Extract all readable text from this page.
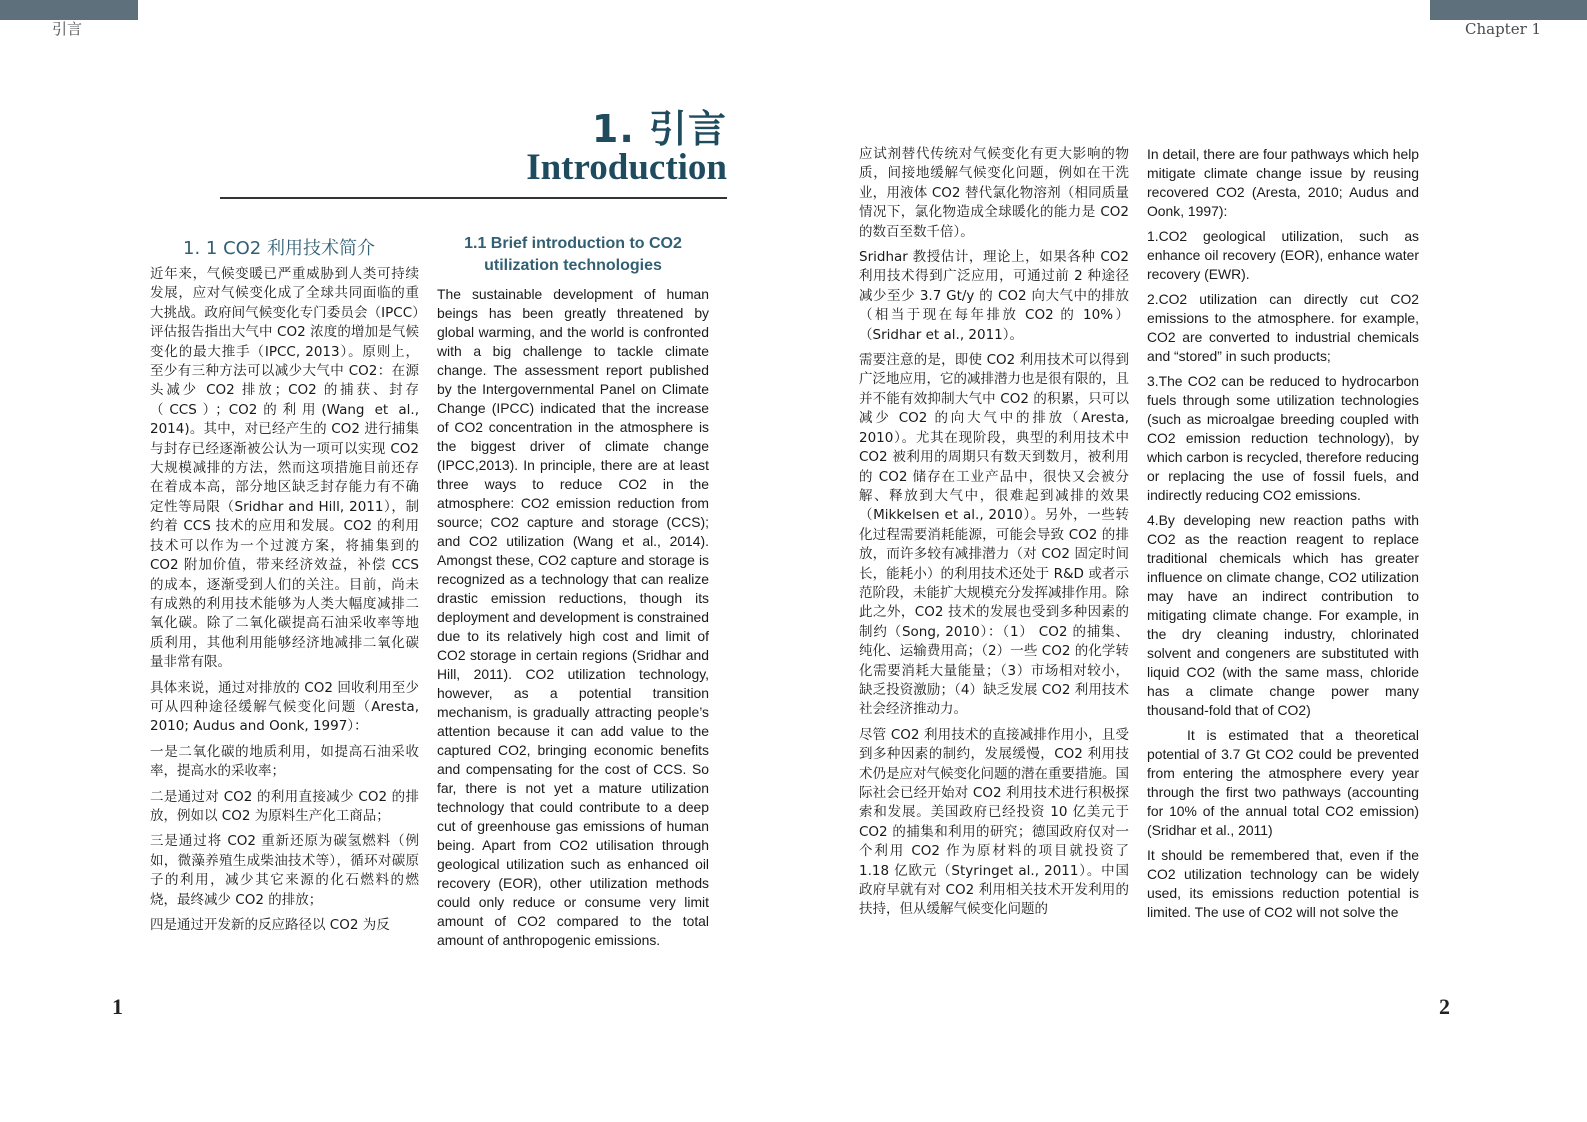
引言	Chapter 1
1. 引言
Introduction
1. 1 CO2 利用技术简介	1.1 Brief introduction to CO2 utilization technologies

近年来，气候变暖已严重威胁到人类可持续发展，应对气候变化成了全球共同面临的重大挑战。政府间气候变化专门委员会（IPCC）评估报告指出大气中 CO2 浓度的增加是气候变化的最大推手（IPCC, 2013）。原则上，至少有三种方法可以减少大气中 CO2：在源头减少 CO2 排放；CO2 的捕获、封存（CCS）；CO2的利用(Wang et al., 2014)。其中，对已经产生的 CO2 进行捕集与封存已经逐渐被公认为一项可以实现 CO2 大规模减排的方法，然而这项措施目前还存在着成本高，部分地区缺乏封存能力有不确定性等局限（Sridhar and Hill, 2011），制约着 CCS 技术的应用和发展。CO2 的利用技术可以作为一个过渡方案，将捕集到的 CO2 附加价值，带来经济效益，补偿 CCS 的成本，逐渐受到人们的关注。目前，尚未有成熟的利用技术能够为人类大幅度减排二氧化碳。除了二氧化碳提高石油采收率等地质利用，其他利用能够经济地减排二氧化碳量非常有限。

具体来说，通过对排放的 CO2 回收利用至少可从四种途径缓解气候变化问题（Aresta, 2010; Audus and Oonk, 1997）：

一是二氧化碳的地质利用，如提高石油采收率，提高水的采收率；

二是通过对 CO2 的利用直接减少 CO2 的排放，例如以 CO2 为原料生产化工商品；

三是通过将 CO2 重新还原为碳氢燃料（例如，微藻养殖生成柴油技术等），循环对碳原子的利用，减少其它来源的化石燃料的燃烧，最终减少 CO2 的排放；

四是通过开发新的反应路径以 CO2 为反

The sustainable development of human beings has been greatly threatened by global warming, and the world is confronted with a big challenge to tackle climate change. The assessment report published by the Intergovernmental Panel on Climate Change (IPCC) indicated that the increase of CO2 concentration in the atmosphere is the biggest driver of climate change (IPCC,2013). In principle, there are at least three ways to reduce CO2 in the atmosphere: CO2 emission reduction from source; CO2 capture and storage (CCS); and CO2 utilization (Wang et al., 2014). Amongst these, CO2 capture and storage is recognized as a technology that can realize drastic emission reductions, though its deployment and development is constrained due to its relatively high cost and limit of CO2 storage in certain regions (Sridhar and Hill, 2011). CO2 utilization technology, however, as a potential transition mechanism, is gradually attracting people’s attention because it can add value to the captured CO2, bringing economic benefits and compensating for the cost of CCS. So far, there is not yet a mature utilization technology that could contribute to a deep cut of greenhouse gas emissions of human being. Apart from CO2 utilisation through geological utilization such as enhanced oil recovery (EOR), other utilization methods could only reduce or consume very limit amount of CO2 compared to the total amount of anthropogenic emissions.

应试剂替代传统对气候变化有更大影响的物质，间接地缓解气候变化问题，例如在干洗业，用液体 CO2 替代氯化物溶剂（相同质量情况下，氯化物造成全球暖化的能力是 CO2 的数百至数千倍）。

Sridhar 教授估计，理论上，如果各种 CO2 利用技术得到广泛应用，可通过前 2 种途径减少至少 3.7 Gt/y 的 CO2 向大气中的排放（相当于现在每年排放 CO2 的 10%）（Sridhar et al., 2011）。

需要注意的是，即使 CO2 利用技术可以得到广泛地应用，它的减排潜力也是很有限的，且并不能有效抑制大气中 CO2 的积累，只可以减少 CO2 的向大气中的排放（Aresta, 2010）。尤其在现阶段，典型的利用技术中 CO2 被利用的周期只有数天到数月，被利用的 CO2 储存在工业产品中，很快又会被分解、释放到大气中，很难起到减排的效果（Mikkelsen et al., 2010）。另外，一些转化过程需要消耗能源，可能会导致 CO2 的排放，而许多较有减排潜力（对 CO2 固定时间长，能耗小）的利用技术还处于 R&D 或者示范阶段，未能扩大规模充分发挥减排作用。除此之外，CO2 技术的发展也受到多种因素的制约（Song, 2010）：（1） CO2 的捕集、纯化、运输费用高；（2）一些 CO2 的化学转化需要消耗大量能量；（3）市场相对较小，缺乏投资激励；（4）缺乏发展 CO2 利用技术社会经济推动力。

尽管 CO2 利用技术的直接减排作用小，且受到多种因素的制约，发展缓慢，CO2 利用技术仍是应对气候变化问题的潜在重要措施。国际社会已经开始对 CO2 利用技术进行积极探索和发展。美国政府已经投资 10 亿美元于 CO2 的捕集和利用的研究；德国政府仅对一个利用 CO2 作为原材料的项目就投资了 1.18 亿欧元（Styringet al., 2011）。中国政府早就有对 CO2 利用相关技术开发利用的扶持，但从缓解气候变化问题的

In detail, there are four pathways which help mitigate climate change issue by reusing recovered CO2 (Aresta, 2010; Audus and Oonk, 1997):

1.CO2 geological utilization, such as enhance oil recovery (EOR), enhance water recovery (EWR).

2.CO2 utilization can directly cut CO2 emissions to the atmosphere. for example, CO2 are converted to industrial chemicals and “stored” in such products;

3.The CO2 can be reduced to hydrocarbon fuels through some utilization technologies (such as microalgae breeding coupled with CO2 emission reduction technology), by which carbon is recycled, therefore reducing or replacing the use of fossil fuels, and indirectly reducing CO2 emissions.

4.By developing new reaction paths with CO2 as the reaction reagent to replace traditional chemicals which has greater influence on climate change, CO2 utilization may have an indirect contribution to mitigating climate change. For example, in the dry cleaning industry, chlorinated solvent and congeners are substituted with liquid CO2 (with the same mass, chloride has a climate change power many thousand-fold that of CO2)

It is estimated that a theoretical potential of 3.7 Gt CO2 could be prevented from entering the atmosphere every year through the first two pathways (accounting for 10% of the annual total CO2 emission) (Sridhar et al., 2011)

It should be remembered that, even if the CO2 utilization technology can be widely used, its emissions reduction potential is limited. The use of CO2 will not solve the

1	2
